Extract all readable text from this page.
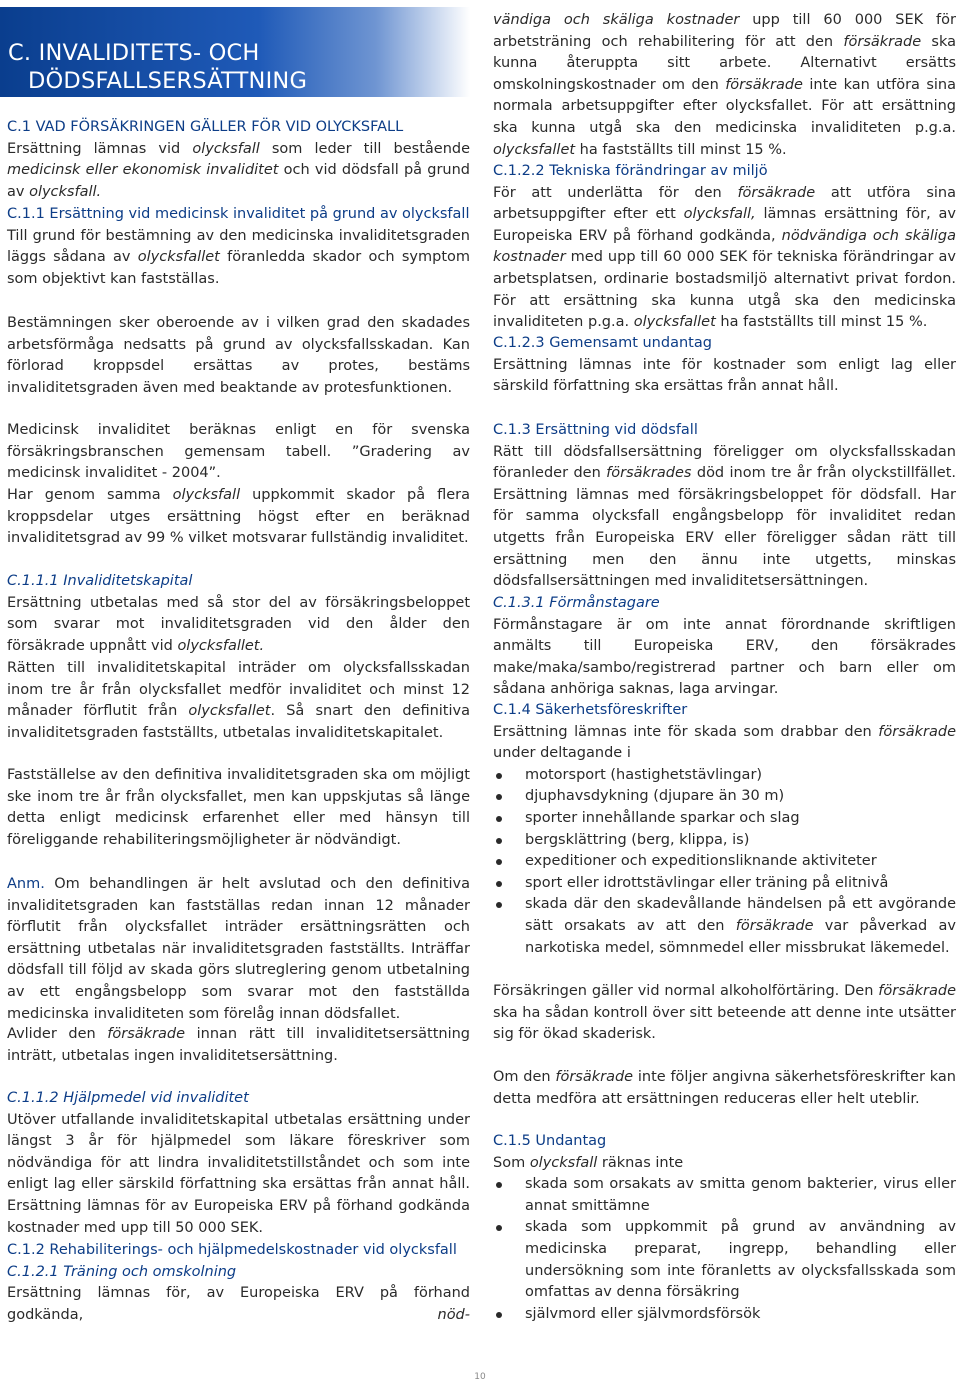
C. INVALIDITETS- OCH
DÖDSFALLSERSÄTTNING
C.1 VAD FÖRSÄKRINGEN GÄLLER FÖR VID OLYCKSFALL

Ersättning lämnas vid olycksfall som leder till bestående medicinsk eller ekonomisk invaliditet och vid dödsfall på grund av olycksfall.

C.1.1 Ersättning vid medicinsk invaliditet på grund av olycksfall

Till grund för bestämning av den medicinska invaliditetsgraden läggs sådana av olycksfallet föranledda skador och symptom som objektivt kan fastställas.

Bestämningen sker oberoende av i vilken grad den skadades arbetsförmåga nedsatts på grund av olycksfallsskadan. Kan förlorad kroppsdel ersättas av protes, bestäms invaliditetsgraden även med beaktande av protesfunktionen.

Medicinsk invaliditet beräknas enligt en för svenska försäkringsbranschen gemensam tabell. ”Gradering av medicinsk invaliditet - 2004”.

Har genom samma olycksfall uppkommit skador på flera kroppsdelar utges ersättning högst efter en beräknad invaliditetsgrad av 99 % vilket motsvarar fullständig invaliditet.

C.1.1.1 Invaliditetskapital

Ersättning utbetalas med så stor del av försäkringsbeloppet som svarar mot invaliditetsgraden vid den ålder den försäkrade uppnått vid olycksfallet.

Rätten till invaliditetskapital inträder om olycksfallsskadan inom tre år från olycksfallet medför invaliditet och minst 12 månader förflutit från olycksfallet. Så snart den definitiva invaliditetsgraden fastställts, utbetalas invaliditetskapitalet.

Fastställelse av den definitiva invaliditetsgraden ska om möjligt ske inom tre år från olycksfallet, men kan uppskjutas så länge detta enligt medicinsk erfarenhet eller med hänsyn till föreliggande rehabiliteringsmöjligheter är nödvändigt.

Anm. Om behandlingen är helt avslutad och den definitiva invaliditetsgraden kan fastställas redan innan 12 månader förflutit från olycksfallet inträder ersättningsrätten och ersättning utbetalas när invaliditetsgraden fastställts. Inträffar dödsfall till följd av skada görs slutreglering genom utbetalning av ett engångsbelopp som svarar mot den fastställda medicinska invaliditeten som förelåg innan dödsfallet.

Avlider den försäkrade innan rätt till invaliditetsersättning inträtt, utbetalas ingen invaliditetsersättning.

C.1.1.2 Hjälpmedel vid invaliditet

Utöver utfallande invaliditetskapital utbetalas ersättning under längst 3 år för hjälpmedel som läkare föreskriver som nödvändiga för att lindra invaliditetstillståndet och som inte enligt lag eller särskild författning ska ersättas från annat håll. Ersättning lämnas för av Europeiska ERV på förhand godkända kostnader med upp till 50 000 SEK.

C.1.2 Rehabiliterings- och hjälpmedelskostnader vid olycksfall
C.1.2.1 Träning och omskolning

Ersättning lämnas för, av Europeiska ERV på förhand godkända, nöd-

vändiga och skäliga kostnader upp till 60 000 SEK för arbetsträning och rehabilitering för att den försäkrade ska kunna återuppta sitt arbete. Alternativt ersätts omskolningskostnader om den försäkrade inte kan utföra sina normala arbetsuppgifter efter olycksfallet. För att ersättning ska kunna utgå ska den medicinska invaliditeten p.g.a. olycksfallet ha fastställts till minst 15 %.

C.1.2.2 Tekniska förändringar av miljö

För att underlätta för den försäkrade att utföra sina arbetsuppgifter efter ett olycksfall, lämnas ersättning för, av Europeiska ERV på förhand godkända, nödvändiga och skäliga kostnader med upp till 60 000 SEK för tekniska förändringar av arbetsplatsen, ordinarie bostadsmiljö alternativt privat fordon. För att ersättning ska kunna utgå ska den medicinska invaliditeten p.g.a. olycksfallet ha fastställts till minst 15 %.

C.1.2.3 Gemensamt undantag

Ersättning lämnas inte för kostnader som enligt lag eller särskild författning ska ersättas från annat håll.

C.1.3 Ersättning vid dödsfall

Rätt till dödsfallsersättning föreligger om olycksfallsskadan föranleder den försäkrades död inom tre år från olyckstillfället. Ersättning lämnas med försäkringsbeloppet för dödsfall. Har för samma olycksfall engångsbelopp för invaliditet redan utgetts från Europeiska ERV eller föreligger sådan rätt till ersättning men den ännu inte utgetts, minskas dödsfallsersättningen med invaliditetsersättningen.

C.1.3.1 Förmånstagare

Förmånstagare är om inte annat förordnande skriftligen anmälts till Europeiska ERV, den försäkrades make/maka/sambo/registrerad partner och barn eller om sådana anhöriga saknas, laga arvingar.

C.1.4 Säkerhetsföreskrifter

Ersättning lämnas inte för skada som drabbar den försäkrade under deltagande i

motorsport (hastighetstävlingar)
djuphavsdykning (djupare än 30 m)
sporter innehållande sparkar och slag
bergsklättring (berg, klippa, is)
expeditioner och expeditionsliknande aktiviteter
sport eller idrottstävlingar eller träning på elitnivå
skada där den skadevållande händelsen på ett avgörande sätt orsakats av att den försäkrade var påverkad av narkotiska medel, sömnmedel eller missbrukat läkemedel.

Försäkringen gäller vid normal alkoholförtäring. Den försäkrade ska ha sådan kontroll över sitt beteende att denne inte utsätter sig för ökad skaderisk.

Om den försäkrade inte följer angivna säkerhetsföreskrifter kan detta medföra att ersättningen reduceras eller helt uteblir.

C.1.5 Undantag

Som olycksfall räknas inte

skada som orsakats av smitta genom bakterier, virus eller annat smittämne
skada som uppkommit på grund av användning av medicinska preparat, ingrepp, behandling eller undersökning som inte föranletts av olycksfallsskada som omfattas av denna försäkring
självmord eller självmordsförsök
10
